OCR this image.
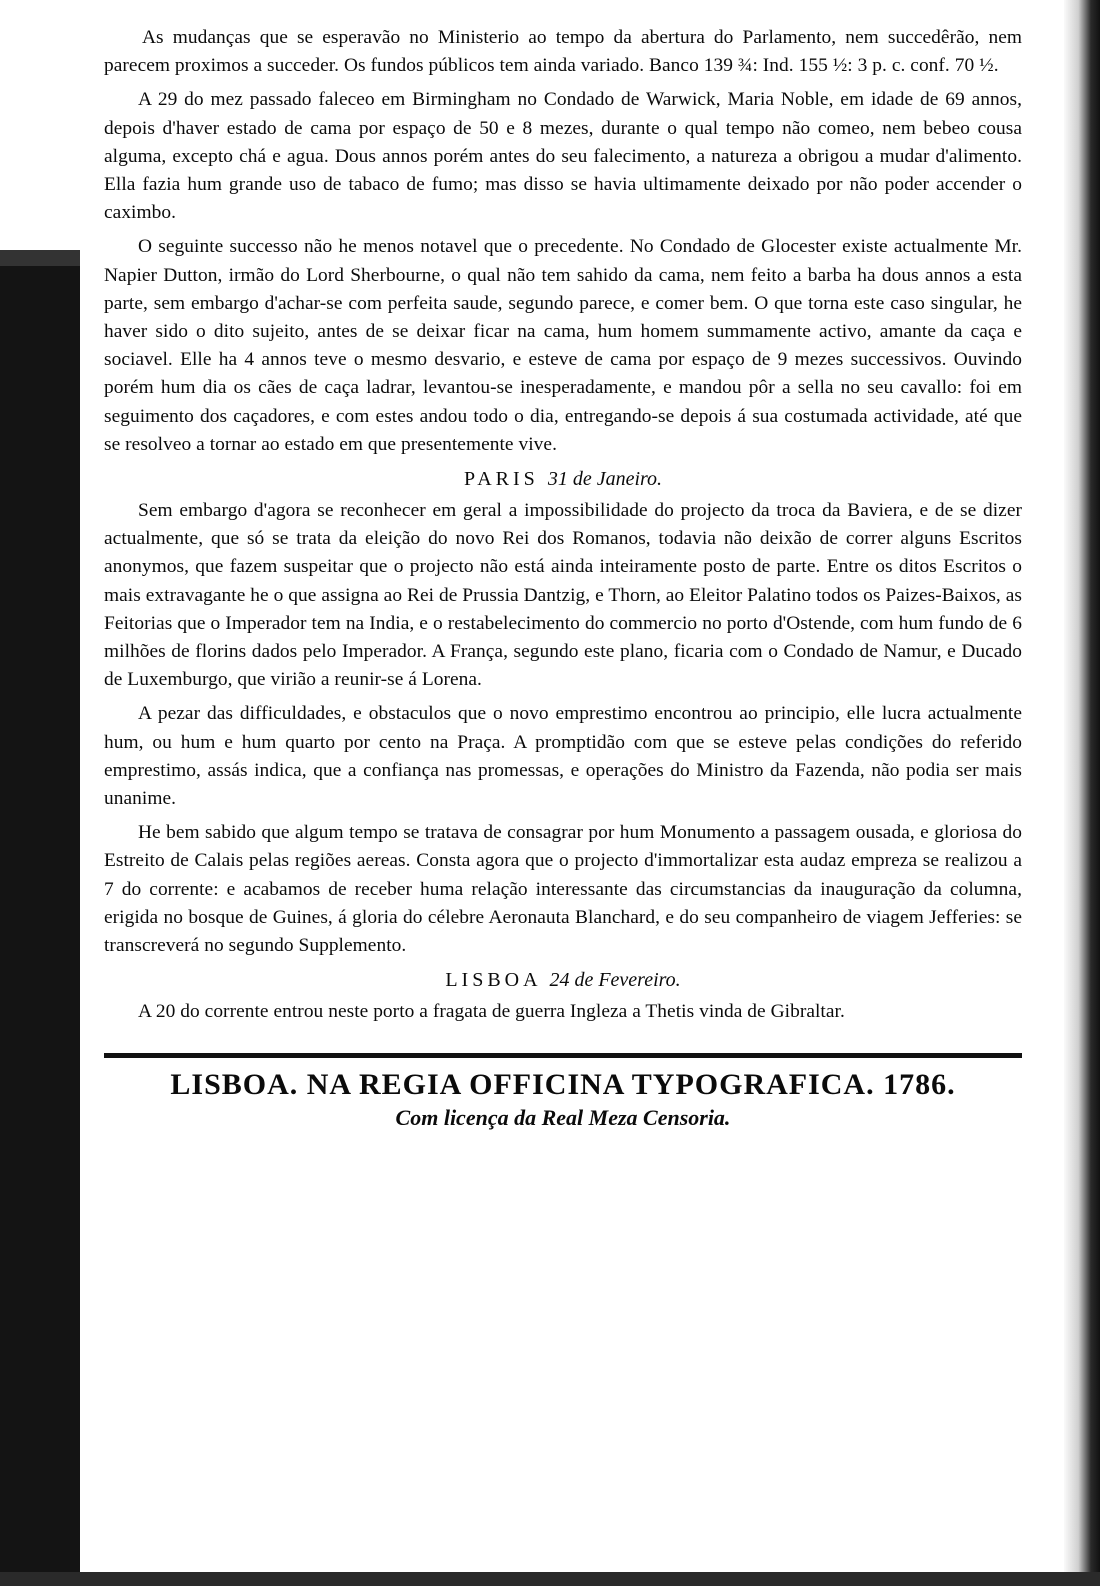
As mudanças que se esperavão no Ministerio ao tempo da abertura do Parlamento, nem succedêrão, nem parecem proximos a succeder. Os fundos públicos tem ainda variado. Banco 139 ¾: Ind. 155 ½: 3 p. c. conf. 70 ½.

A 29 do mez passado faleceo em Birmingham no Condado de Warwick, Maria Noble, em idade de 69 annos, depois d'haver estado de cama por espaço de 50 e 8 mezes, durante o qual tempo não comeo, nem bebeo cousa alguma, excepto chá e agua. Dous annos porém antes do seu falecimento, a natureza a obrigou a mudar d'alimento. Ella fazia hum grande uso de tabaco de fumo; mas disso se havia ultimamente deixado por não poder accender o caximbo.

O seguinte successo não he menos notavel que o precedente. No Condado de Glocester existe actualmente Mr. Napier Dutton, irmão do Lord Sherbourne, o qual não tem sahido da cama, nem feito a barba ha dous annos a esta parte, sem embargo d'achar-se com perfeita saude, segundo parece, e comer bem. O que torna este caso singular, he haver sido o dito sujeito, antes de se deixar ficar na cama, hum homem summamente activo, amante da caça e sociavel. Elle ha 4 annos teve o mesmo desvario, e esteve de cama por espaço de 9 mezes successivos. Ouvindo porém hum dia os cães de caça ladrar, levantou-se inesperadamente, e mandou pôr a sella no seu cavallo: foi em seguimento dos caçadores, e com estes andou todo o dia, entregando-se depois á sua costumada actividade, até que se resolveo a tornar ao estado em que presentemente vive.

PARIS 31 de Janeiro.

Sem embargo d'agora se reconhecer em geral a impossibilidade do projecto da troca da Baviera, e de se dizer actualmente, que só se trata da eleição do novo Rei dos Romanos, todavia não deixão de correr alguns Escritos anonymos, que fazem suspeitar que o projecto não está ainda inteiramente posto de parte. Entre os ditos Escritos o mais extravagante he o que assigna ao Rei de Prussia Dantzig, e Thorn, ao Eleitor Palatino todos os Paizes-Baixos, as Feitorias que o Imperador tem na India, e o restabelecimento do commercio no porto d'Ostende, com hum fundo de 6 milhões de florins dados pelo Imperador. A França, segundo este plano, ficaria com o Condado de Namur, e Ducado de Luxemburgo, que virião a reunir-se á Lorena.

A pezar das difficuldades, e obstaculos que o novo emprestimo encontrou ao principio, elle lucra actualmente hum, ou hum e hum quarto por cento na Praça. A promptidão com que se esteve pelas condições do referido emprestimo, assás indica, que a confiança nas promessas, e operações do Ministro da Fazenda, não podia ser mais unanime.

He bem sabido que algum tempo se tratava de consagrar por hum Monumento a passagem ousada, e gloriosa do Estreito de Calais pelas regiões aereas. Consta agora que o projecto d'immortalizar esta audaz empreza se realizou a 7 do corrente: e acabamos de receber huma relação interessante das circumstancias da inauguração da columna, erigida no bosque de Guines, á gloria do célebre Aeronauta Blanchard, e do seu companheiro de viagem Jefferies: se transcreverá no segundo Supplemento.

LISBOA 24 de Fevereiro.

A 20 do corrente entrou neste porto a fragata de guerra Ingleza a Thetis vinda de Gibraltar.

LISBOA. NA REGIA OFFICINA TYPOGRAFICA. 1786.
Com licença da Real Meza Censoria.
